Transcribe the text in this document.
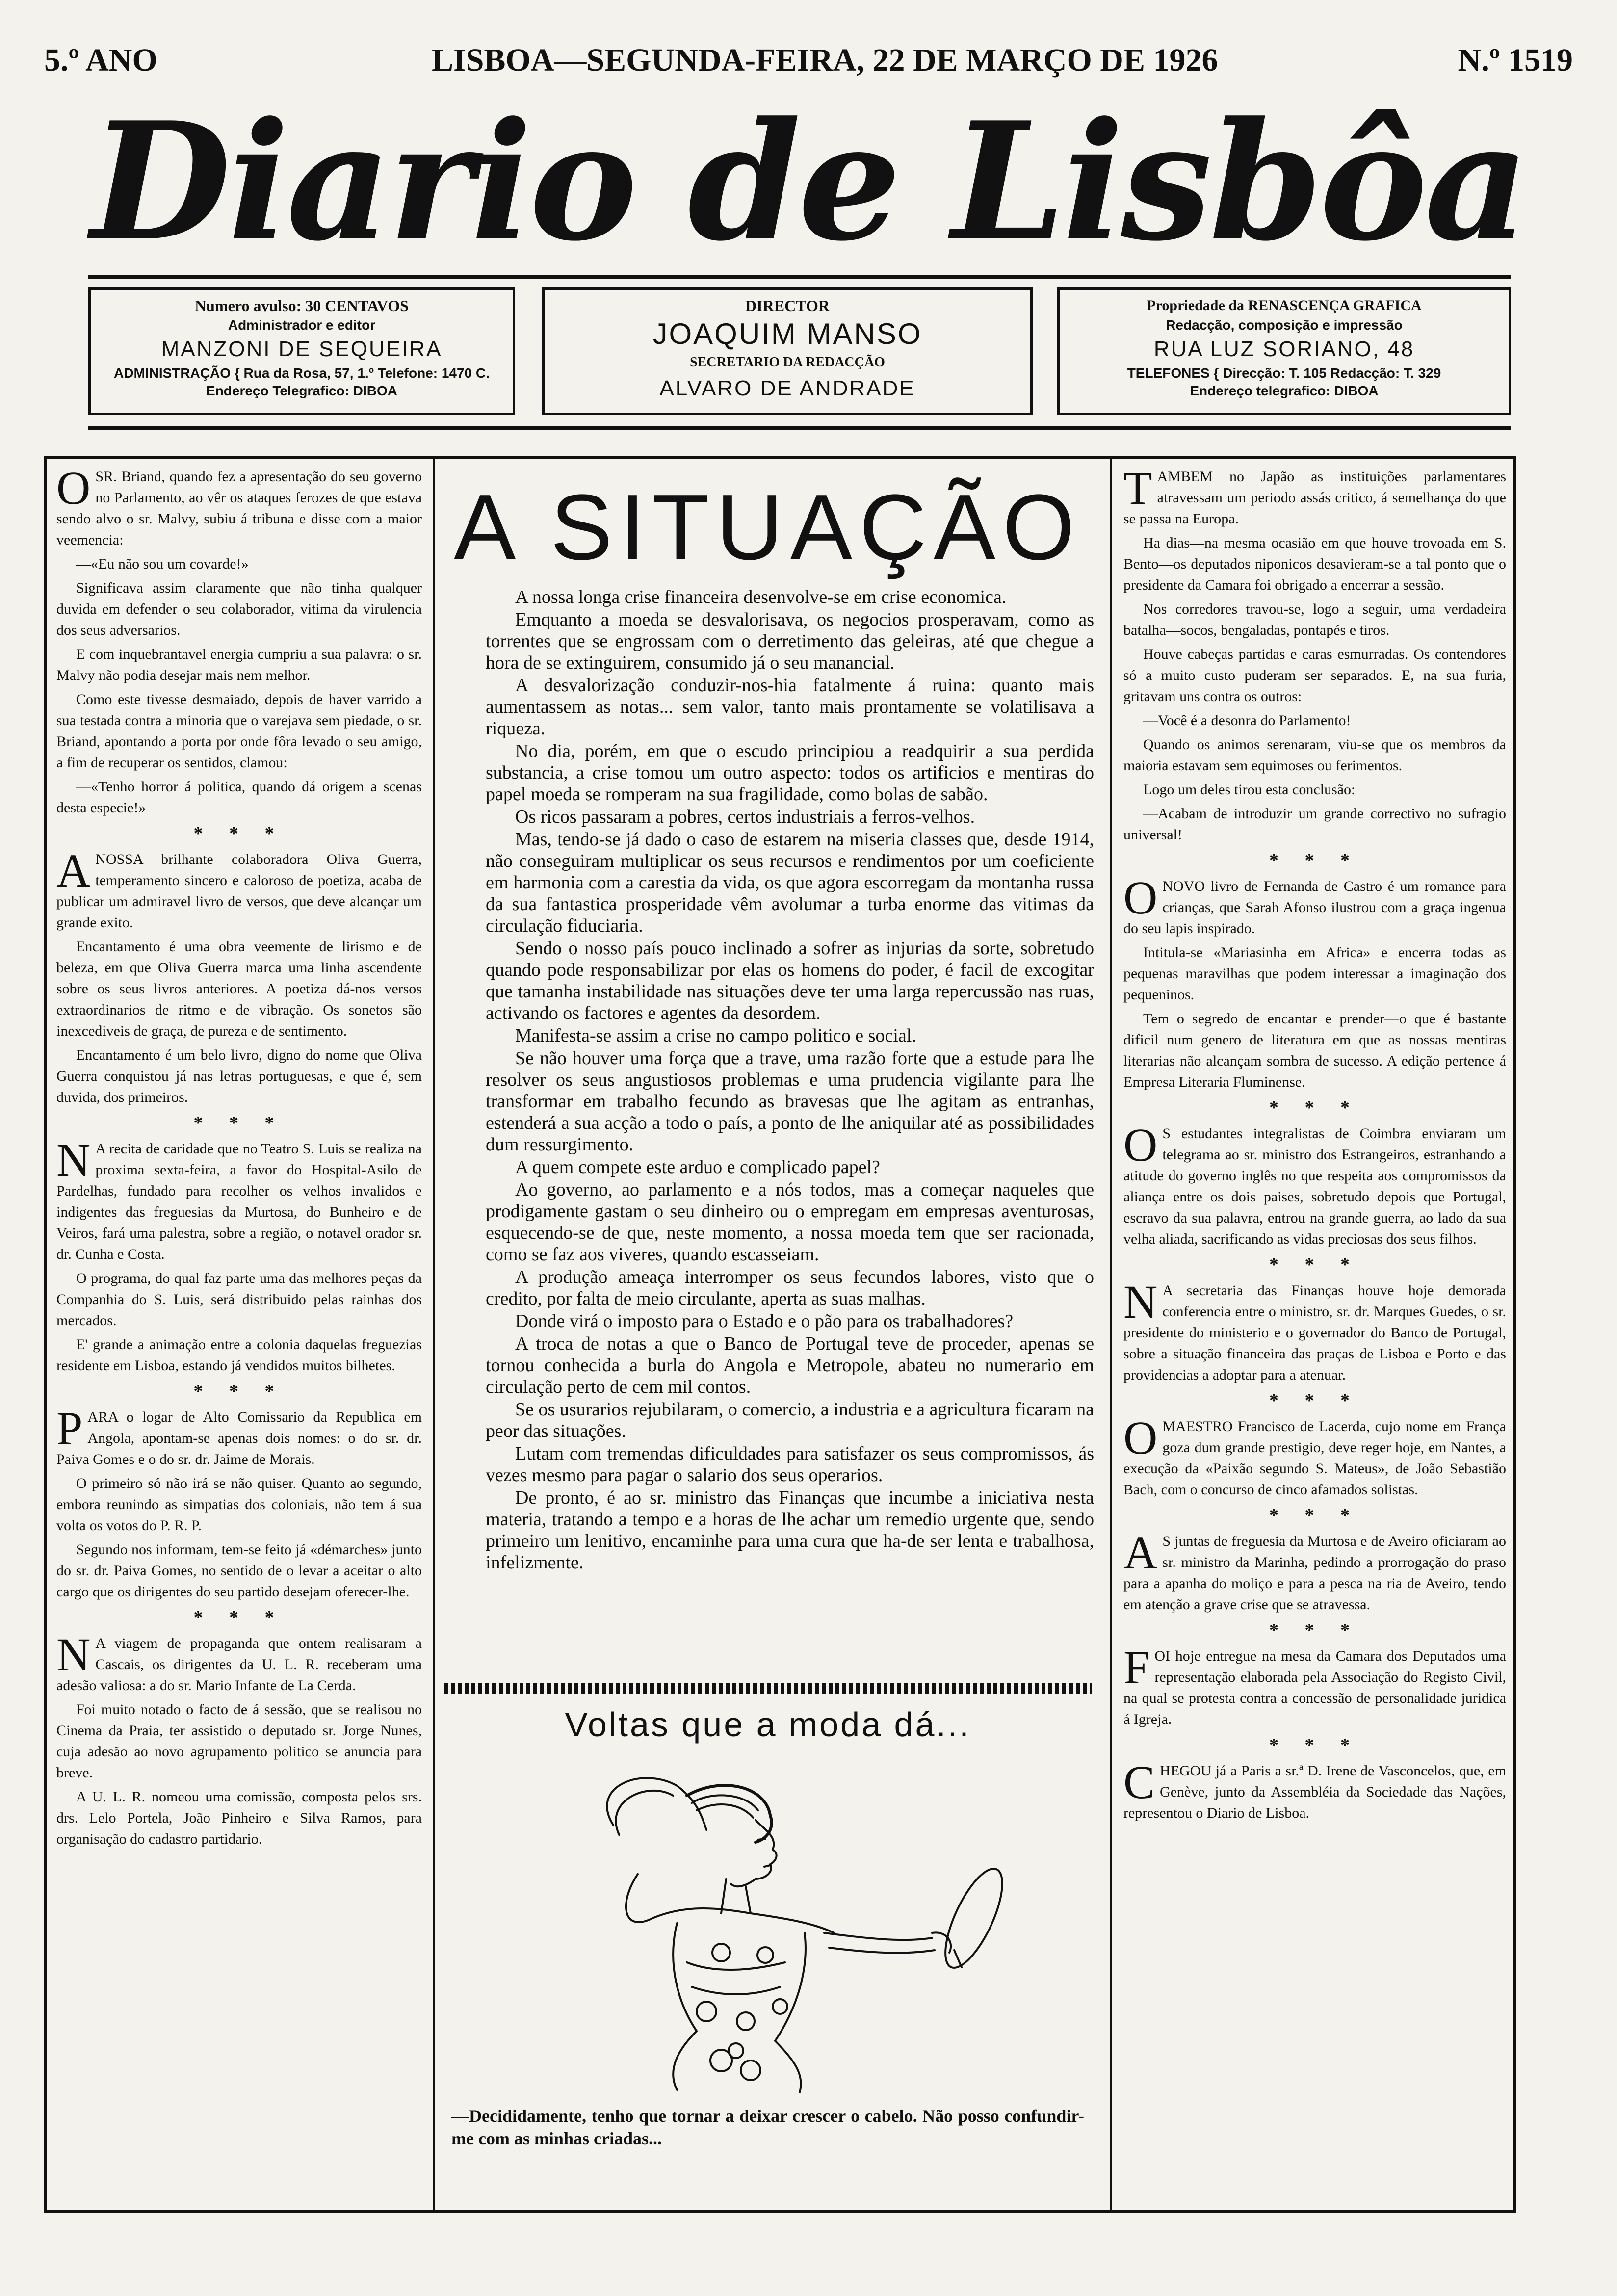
5.º ANO	LISBOA—SEGUNDA-FEIRA, 22 DE MARÇO DE 1926	N.º 1519
Diario de Lisbôa
Numero avulso: 30 CENTAVOS
Administrador e editor
MANZONI DE SEQUEIRA
ADMINISTRAÇÃO { Rua da Rosa, 57, 1.º Telefone: 1470 C.
Endereço Telegrafico: DIBOA
DIRECTOR
JOAQUIM MANSO
SECRETARIO DA REDACÇÃO
ALVARO DE ANDRADE
Propriedade da RENASCENÇA GRAFICA
Redacção, composição e impressão
RUA LUZ SORIANO, 48
TELEFONES { Direcção: T. 105 Redacção: T. 329
Endereço telegrafico: DIBOA

OSR. Briand, quando fez a apresentação do seu governo no Parlamento, ao vêr os ataques ferozes de que estava sendo alvo o sr. Malvy, subiu á tribuna e disse com a maior veemencia:

—«Eu não sou um covarde!»

Significava assim claramente que não tinha qualquer duvida em defender o seu colaborador, vitima da virulencia dos seus adversarios.

E com inquebrantavel energia cumpriu a sua palavra: o sr. Malvy não podia desejar mais nem melhor.

Como este tivesse desmaiado, depois de haver varrido a sua testada contra a minoria que o varejava sem piedade, o sr. Briand, apontando a porta por onde fôra levado o seu amigo, a fim de recuperar os sentidos, clamou:

—«Tenho horror á politica, quando dá origem a scenas desta especie!»

* * *

ANOSSA brilhante colaboradora Oliva Guerra, temperamento sincero e caloroso de poetiza, acaba de publicar um admiravel livro de versos, que deve alcançar um grande exito.

Encantamento é uma obra veemente de lirismo e de beleza, em que Oliva Guerra marca uma linha ascendente sobre os seus livros anteriores. A poetiza dá-nos versos extraordinarios de ritmo e de vibração. Os sonetos são inexcediveis de graça, de pureza e de sentimento.

Encantamento é um belo livro, digno do nome que Oliva Guerra conquistou já nas letras portuguesas, e que é, sem duvida, dos primeiros.

* * *

N A recita de caridade que no Teatro S. Luis se realiza na proxima sexta-feira, a favor do Hospital-Asilo de Pardelhas, fundado para recolher os velhos invalidos e indigentes das freguesias da Murtosa, do Bunheiro e de Veiros, fará uma palestra, sobre a região, o notavel orador sr. dr. Cunha e Costa.

O programa, do qual faz parte uma das melhores peças da Companhia do S. Luis, será distribuido pelas rainhas dos mercados.

E' grande a animação entre a colonia daquelas freguezias residente em Lisboa, estando já vendidos muitos bilhetes.

* * *

PARA o logar de Alto Comissario da Republica em Angola, apontam-se apenas dois nomes: o do sr. dr. Paiva Gomes e o do sr. dr. Jaime de Morais.

O primeiro só não irá se não quiser. Quanto ao segundo, embora reunindo as simpatias dos coloniais, não tem á sua volta os votos do P. R. P.

Segundo nos informam, tem-se feito já «démarches» junto do sr. dr. Paiva Gomes, no sentido de o levar a aceitar o alto cargo que os dirigentes do seu partido desejam oferecer-lhe.

* * *

N A viagem de propaganda que ontem realisaram a Cascais, os dirigentes da U. L. R. receberam uma adesão valiosa: a do sr. Mario Infante de La Cerda.

Foi muito notado o facto de á sessão, que se realisou no Cinema da Praia, ter assistido o deputado sr. Jorge Nunes, cuja adesão ao novo agrupamento politico se anuncia para breve.

A U. L. R. nomeou uma comissão, composta pelos srs. drs. Lelo Portela, João Pinheiro e Silva Ramos, para organisação do cadastro partidario.

TAMBEM no Japão as instituições parlamentares atravessam um periodo assás critico, á semelhança do que se passa na Europa.

Ha dias—na mesma ocasião em que houve trovoada em S. Bento—os deputados niponicos desavieram-se a tal ponto que o presidente da Camara foi obrigado a encerrar a sessão.

Nos corredores travou-se, logo a seguir, uma verdadeira batalha—socos, bengaladas, pontapés e tiros.

Houve cabeças partidas e caras esmurradas. Os contendores só a muito custo puderam ser separados. E, na sua furia, gritavam uns contra os outros:

—Você é a desonra do Parlamento!

Quando os animos serenaram, viu-se que os membros da maioria estavam sem equimoses ou ferimentos.

Logo um deles tirou esta conclusão:

—Acabam de introduzir um grande correctivo no sufragio universal!

* * *

ONOVO livro de Fernanda de Castro é um romance para crianças, que Sarah Afonso ilustrou com a graça ingenua do seu lapis inspirado.

Intitula-se «Mariasinha em Africa» e encerra todas as pequenas maravilhas que podem interessar a imaginação dos pequeninos.

Tem o segredo de encantar e prender—o que é bastante dificil num genero de literatura em que as nossas mentiras literarias não alcançam sombra de sucesso. A edição pertence á Empresa Literaria Fluminense.

* * *

O S estudantes integralistas de Coimbra enviaram um telegrama ao sr. ministro dos Estrangeiros, estranhando a atitude do governo inglês no que respeita aos compromissos da aliança entre os dois paises, sobretudo depois que Portugal, escravo da sua palavra, entrou na grande guerra, ao lado da sua velha aliada, sacrificando as vidas preciosas dos seus filhos.

* * *

N A secretaria das Finanças houve hoje demorada conferencia entre o ministro, sr. dr. Marques Guedes, o sr. presidente do ministerio e o governador do Banco de Portugal, sobre a situação financeira das praças de Lisboa e Porto e das providencias a adoptar para a atenuar.

* * *

OMAESTRO Francisco de Lacerda, cujo nome em França goza dum grande prestigio, deve reger hoje, em Nantes, a execução da «Paixão segundo S. Mateus», de João Sebastião Bach, com o concurso de cinco afamados solistas.

* * *

A S juntas de freguesia da Murtosa e de Aveiro oficiaram ao sr. ministro da Marinha, pedindo a prorrogação do praso para a apanha do moliço e para a pesca na ria de Aveiro, tendo em atenção a grave crise que se atravessa.

* * *

FOI hoje entregue na mesa da Camara dos Deputados uma representação elaborada pela Associação do Registo Civil, na qual se protesta contra a concessão de personalidade juridica á Igreja.

* * *

CHEGOU já a Paris a sr.ª D. Irene de Vasconcelos, que, em Genève, junto da Assembléia da Sociedade das Nações, representou o Diario de Lisboa.

A SITUAÇÃO

A nossa longa crise financeira desenvolve-se em crise economica.

Emquanto a moeda se desvalorisava, os negocios prosperavam, como as torrentes que se engrossam com o derretimento das geleiras, até que chegue a hora de se extinguirem, consumido já o seu manancial.

A desvalorização conduzir-nos-hia fatalmente á ruina: quanto mais aumentassem as notas... sem valor, tanto mais prontamente se volatilisava a riqueza.

No dia, porém, em que o escudo principiou a readquirir a sua perdida substancia, a crise tomou um outro aspecto: todos os artificios e mentiras do papel moeda se romperam na sua fragilidade, como bolas de sabão.

Os ricos passaram a pobres, certos industriais a ferros-velhos.

Mas, tendo-se já dado o caso de estarem na miseria classes que, desde 1914, não conseguiram multiplicar os seus recursos e rendimentos por um coeficiente em harmonia com a carestia da vida, os que agora escorregam da montanha russa da sua fantastica prosperidade vêm avolumar a turba enorme das vitimas da circulação fiduciaria.

Sendo o nosso país pouco inclinado a sofrer as injurias da sorte, sobretudo quando pode responsabilizar por elas os homens do poder, é facil de excogitar que tamanha instabilidade nas situações deve ter uma larga repercussão nas ruas, activando os factores e agentes da desordem.

Manifesta-se assim a crise no campo politico e social.

Se não houver uma força que a trave, uma razão forte que a estude para lhe resolver os seus angustiosos problemas e uma prudencia vigilante para lhe transformar em trabalho fecundo as bravesas que lhe agitam as entranhas, estenderá a sua acção a todo o país, a ponto de lhe aniquilar até as possibilidades dum ressurgimento.

A quem compete este arduo e complicado papel?

Ao governo, ao parlamento e a nós todos, mas a começar naqueles que prodigamente gastam o seu dinheiro ou o empregam em empresas aventurosas, esquecendo-se de que, neste momento, a nossa moeda tem que ser racionada, como se faz aos viveres, quando escasseiam.

A produção ameaça interromper os seus fecundos labores, visto que o credito, por falta de meio circulante, aperta as suas malhas.

Donde virá o imposto para o Estado e o pão para os trabalhadores?

A troca de notas a que o Banco de Portugal teve de proceder, apenas se tornou conhecida a burla do Angola e Metropole, abateu no numerario em circulação perto de cem mil contos.

Se os usurarios rejubilaram, o comercio, a industria e a agricultura ficaram na peor das situações.

Lutam com tremendas dificuldades para satisfazer os seus compromissos, ás vezes mesmo para pagar o salario dos seus operarios.

De pronto, é ao sr. ministro das Finanças que incumbe a iniciativa nesta materia, tratando a tempo e a horas de lhe achar um remedio urgente que, sendo primeiro um lenitivo, encaminhe para uma cura que ha-de ser lenta e trabalhosa, infelizmente.

Voltas que a moda dá...
—Decididamente, tenho que tornar a deixar crescer o cabelo. Não posso confundir-me com as minhas criadas...
